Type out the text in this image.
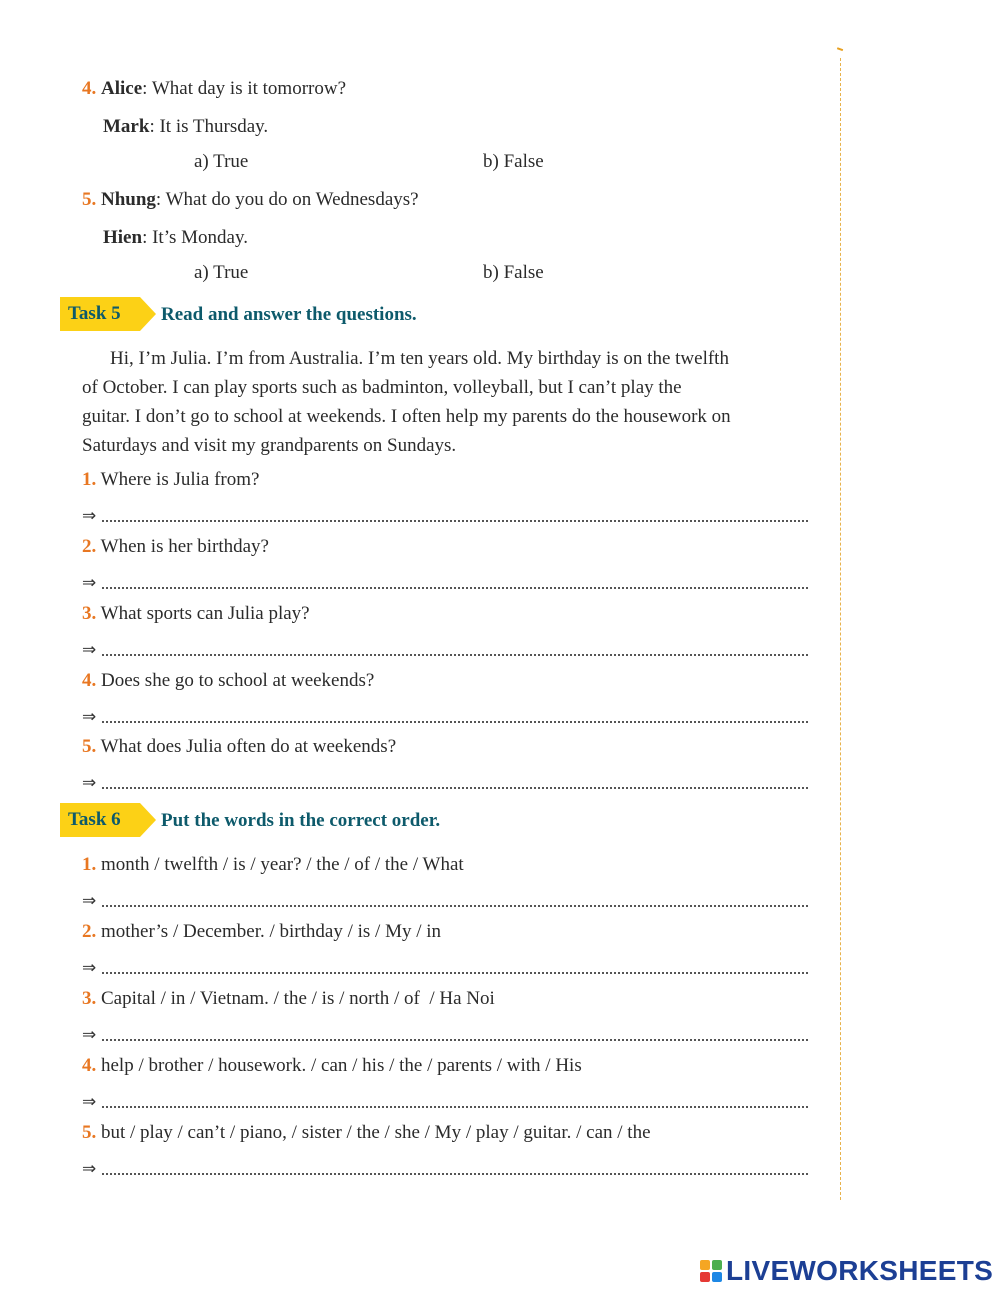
4. Alice: What day is it tomorrow?
Mark: It is Thursday.
a) True	b) False
5. Nhung: What do you do on Wednesdays?
Hien: It’s Monday.
a) True	b) False
Task 5 Read and answer the questions.
Hi, I’m Julia. I’m from Australia. I’m ten years old. My birthday is on the twelfth
of October. I can play sports such as badminton, volleyball, but I can’t play the
guitar. I don’t go to school at weekends. I often help my parents do the housework on
Saturdays and visit my grandparents on Sundays.
1. Where is Julia from?
⇒
2. When is her birthday?
⇒
3. What sports can Julia play?
⇒
4. Does she go to school at weekends?
⇒
5. What does Julia often do at weekends?
⇒
Task 6 Put the words in the correct order.
1. month / twelfth / is / year? / the / of / the / What
⇒
2. mother’s / December. / birthday / is / My / in
⇒
3. Capital / in / Vietnam. / the / is / north / of  / Ha Noi
⇒
4. help / brother / housework. / can / his / the / parents / with / His
⇒
5. but / play / can’t / piano, / sister / the / she / My / play / guitar. / can / the
⇒
LIVEWORKSHEETS
